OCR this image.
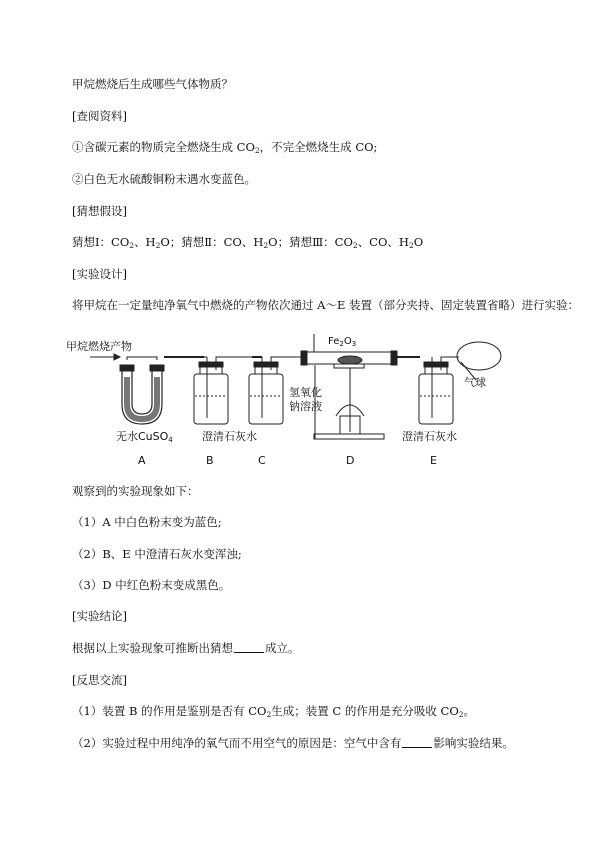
甲烷燃烧后生成哪些气体物质？
[查阅资料]
①含碳元素的物质完全燃烧生成 $CO_2$，不完全燃烧生成 CO;
②白色无水硫酸铜粉末遇水变蓝色。
[猜想假设]
猜想Ⅰ：$CO_2$、$H_2O$；猜想Ⅱ：CO、$H_2O$；猜想Ⅲ：$CO_2$、CO、$H_2O$
[实验设计]
将甲烷在一定量纯净氧气中燃烧的产物依次通过 A～E 装置（部分夹持、固定装置省略）进行实验：
甲烷燃烧产物
无水CuSO4	澄清石灰水
氢氧化
钠溶液
$Fe_2O_3$
澄清石灰水
气球
A	B	C	D	E
观察到的实验现象如下：
（1）A 中白色粉末变为蓝色;
（2）B、E 中澄清石灰水变浑浊;
（3）D 中红色粉末变成黑色。
[实验结论]
根据以上实验现象可推断出猜想	成立。
[反思交流]
（1）装置 B 的作用是鉴别是否有 $CO_2$生成；装置 C 的作用是充分吸收 $CO_2$。
（2）实验过程中用纯净的氧气而不用空气的原因是：空气中含有	影响实验结果。
